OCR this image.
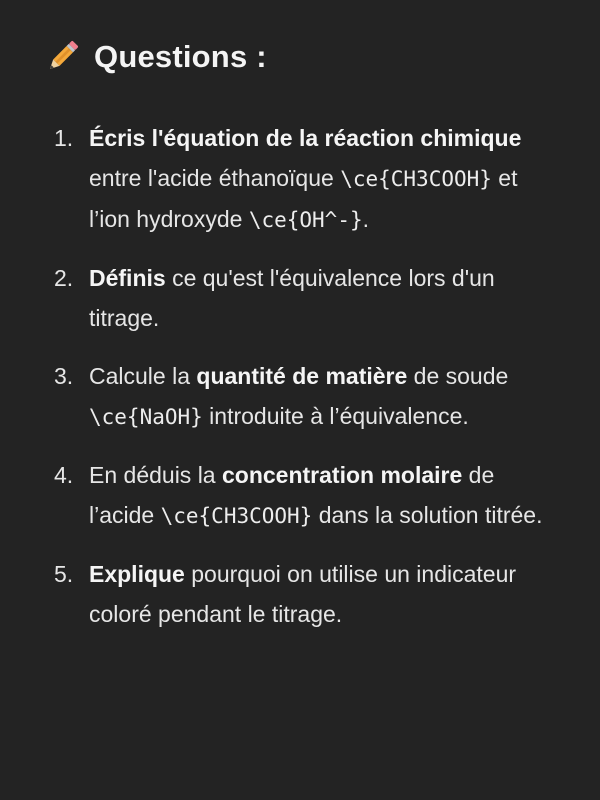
Questions :
1. Écris l'équation de la réaction chimique entre l'acide éthanoïque \ce{CH3COOH} et l’ion hydroxyde \ce{OH^-}.
2. Définis ce qu'est l'équivalence lors d'un titrage.
3. Calcule la quantité de matière de soude \ce{NaOH} introduite à l’équivalence.
4. En déduis la concentration molaire de l’acide \ce{CH3COOH} dans la solution titrée.
5. Explique pourquoi on utilise un indicateur coloré pendant le titrage.
